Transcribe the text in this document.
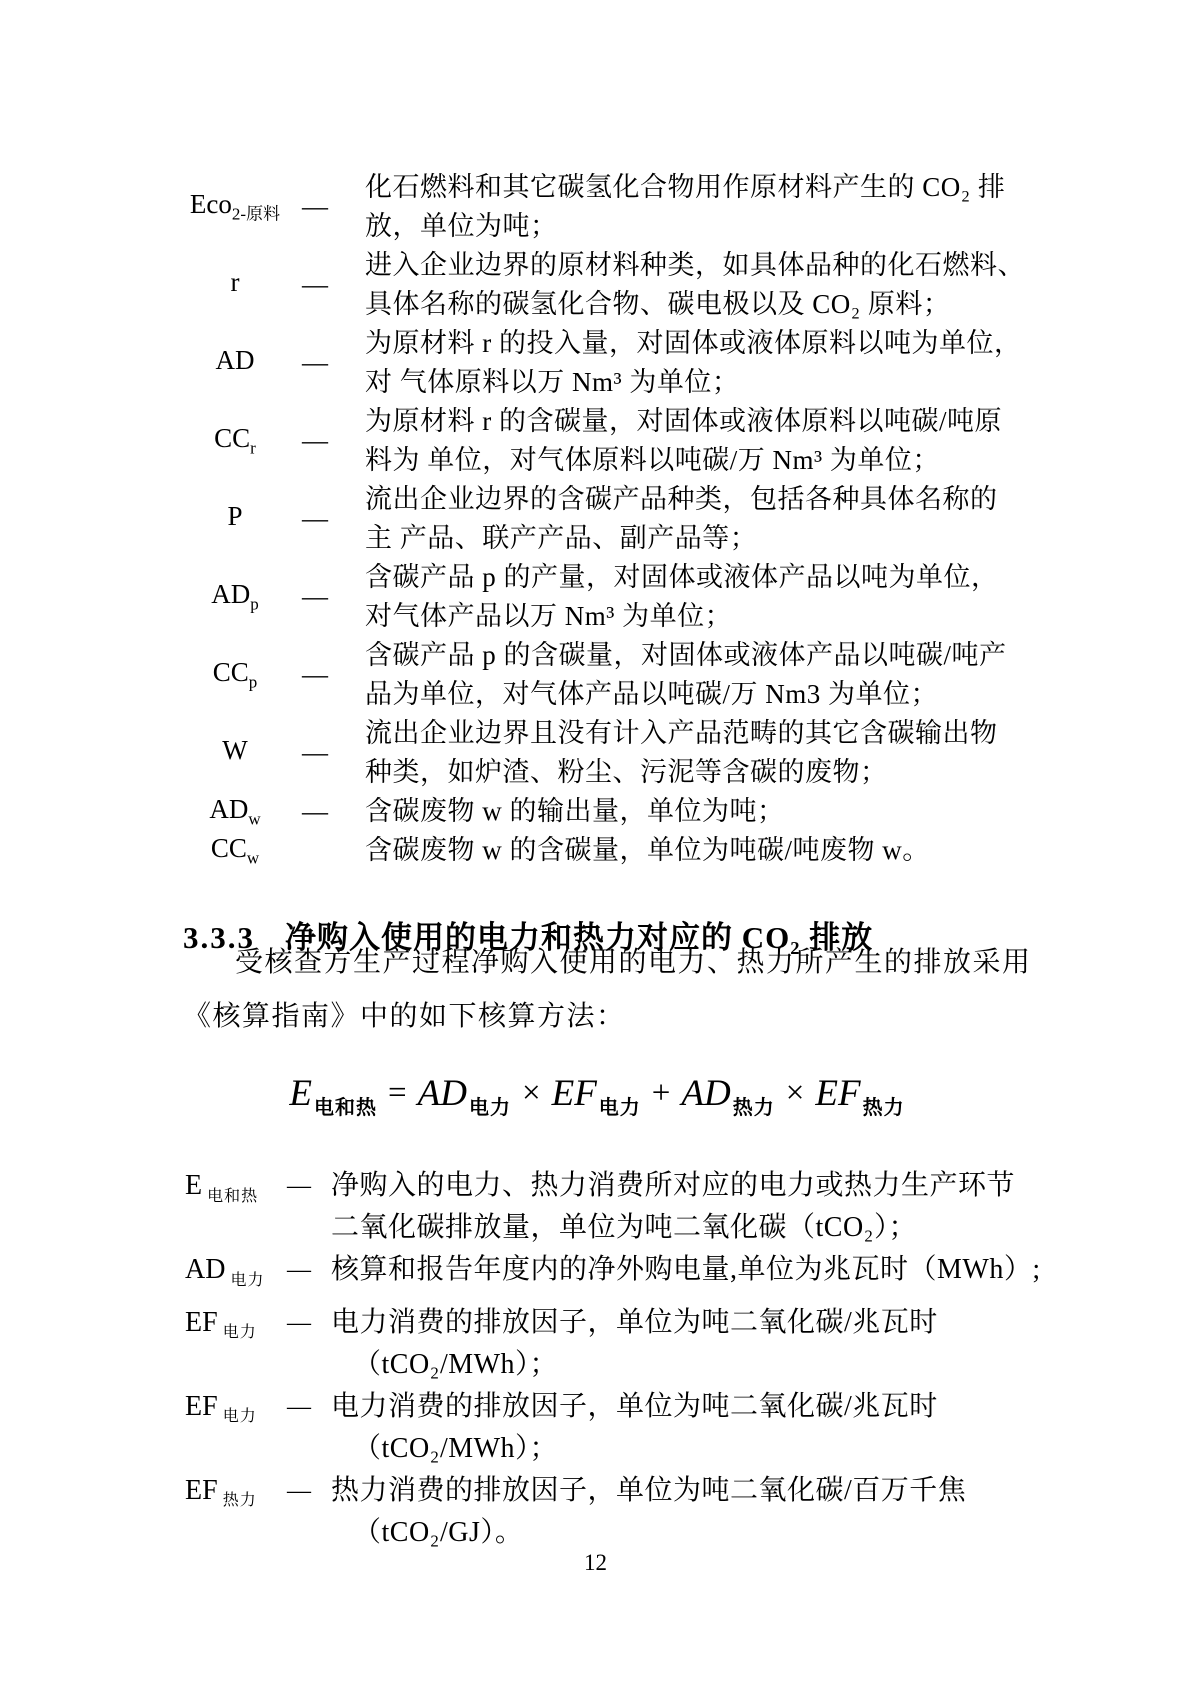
Eco$_{2-原料}$ —
化石燃料和其它碳氢化合物用作原材料产生的 CO₂ 排
放，单位为吨；
r	—
进入企业边界的原材料种类，如具体品种的化石燃料、
具体名称的碳氢化合物、碳电极以及 CO₂ 原料；
AD	—
为原材料 r 的投入量，对固体或液体原料以吨为单位，
对 气体原料以万 Nm³ 为单位；
$CC_r$	—
为原材料 r 的含碳量，对固体或液体原料以吨碳/吨原
料为 单位，对气体原料以吨碳/万 Nm³ 为单位；
P	—
流出企业边界的含碳产品种类，包括各种具体名称的
主 产品、联产产品、副产品等；
$AD_p$	—
含碳产品 p 的产量，对固体或液体产品以吨为单位，
对气体产品以万 Nm³ 为单位；
$CC_p$	—
含碳产品 p 的含碳量，对固体或液体产品以吨碳/吨产
品为单位，对气体产品以吨碳/万 Nm3 为单位；
W	—
流出企业边界且没有计入产品范畴的其它含碳输出物
种类，如炉渣、粉尘、污泥等含碳的废物；
$AD_w$	—	含碳废物 w 的输出量，单位为吨；
$CC_w$	含碳废物 w 的含碳量，单位为吨碳/吨废物 w。
3.3.3 净购入使用的电力和热力对应的 CO₂ 排放
受核查方生产过程净购入使用的电力、热力所产生的排放采用
《核算指南》中的如下核算方法：
E $_{电和热}$ = AD $_{电力}$ × EF $_{电力}$ + AD $_{热力}$ × EF $_{热力}$
E $_{电和热}$	— 净购入的电力、热力消费所对应的电力或热力生产环节
二氧化碳排放量，单位为吨二氧化碳（tCO₂）；
AD $_{电力}$ — 核算和报告年度内的净外购电量,单位为兆瓦时（MWh）;
EF $_{电力}$	— 电力消费的排放因子，单位为吨二氧化碳/兆瓦时
（tCO₂/MWh）；
EF $_{电力}$	— 电力消费的排放因子，单位为吨二氧化碳/兆瓦时
（tCO₂/MWh）；
EF $_{热力}$	— 热力消费的排放因子，单位为吨二氧化碳/百万千焦
（tCO₂/GJ）。
12
